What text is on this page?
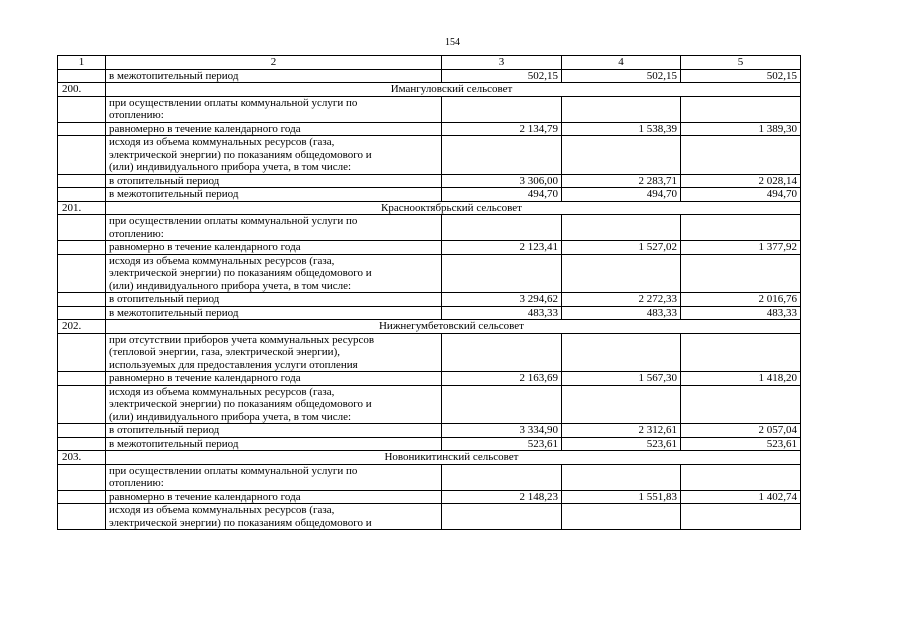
154
1	2	3	4	5
	в межотопительный период	502,15	502,15	502,15
200.	Имангуловский сельсовет			

	при осуществлении оплаты коммунальной услуги по
отоплению:			

	равномерно в течение календарного года	2 134,79	1 538,39	1 389,30

	исходя из объема коммунальных ресурсов (газа,
электрической энергии) по показаниям общедомового и
(или) индивидуального прибора учета, в том числе:			

	в отопительный период	3 306,00	2 283,71	2 028,14
	в межотопительный период	494,70	494,70	494,70
201.	Краснооктябрьский сельсовет			

	при осуществлении оплаты коммунальной услуги по
отоплению:			

	равномерно в течение календарного года	2 123,41	1 527,02	1 377,92

	исходя из объема коммунальных ресурсов (газа,
электрической энергии) по показаниям общедомового и
(или) индивидуального прибора учета, в том числе:			

	в отопительный период	3 294,62	2 272,33	2 016,76
	в межотопительный период	483,33	483,33	483,33
202.	Нижнегумбетовский сельсовет			

	при отсутствии приборов учета коммунальных ресурсов
(тепловой энергии, газа, электрической энергии),
используемых для предоставления услуги отопления			

	равномерно в течение календарного года	2 163,69	1 567,30	1 418,20

	исходя из объема коммунальных ресурсов (газа,
электрической энергии) по показаниям общедомового и
(или) индивидуального прибора учета, в том числе:			

	в отопительный период	3 334,90	2 312,61	2 057,04
	в межотопительный период	523,61	523,61	523,61
203.	Новоникитинский сельсовет			

	при осуществлении оплаты коммунальной услуги по
отоплению:			

	равномерно в течение календарного года	2 148,23	1 551,83	1 402,74

	исходя из объема коммунальных ресурсов (газа,
электрической энергии) по показаниям общедомового и			
